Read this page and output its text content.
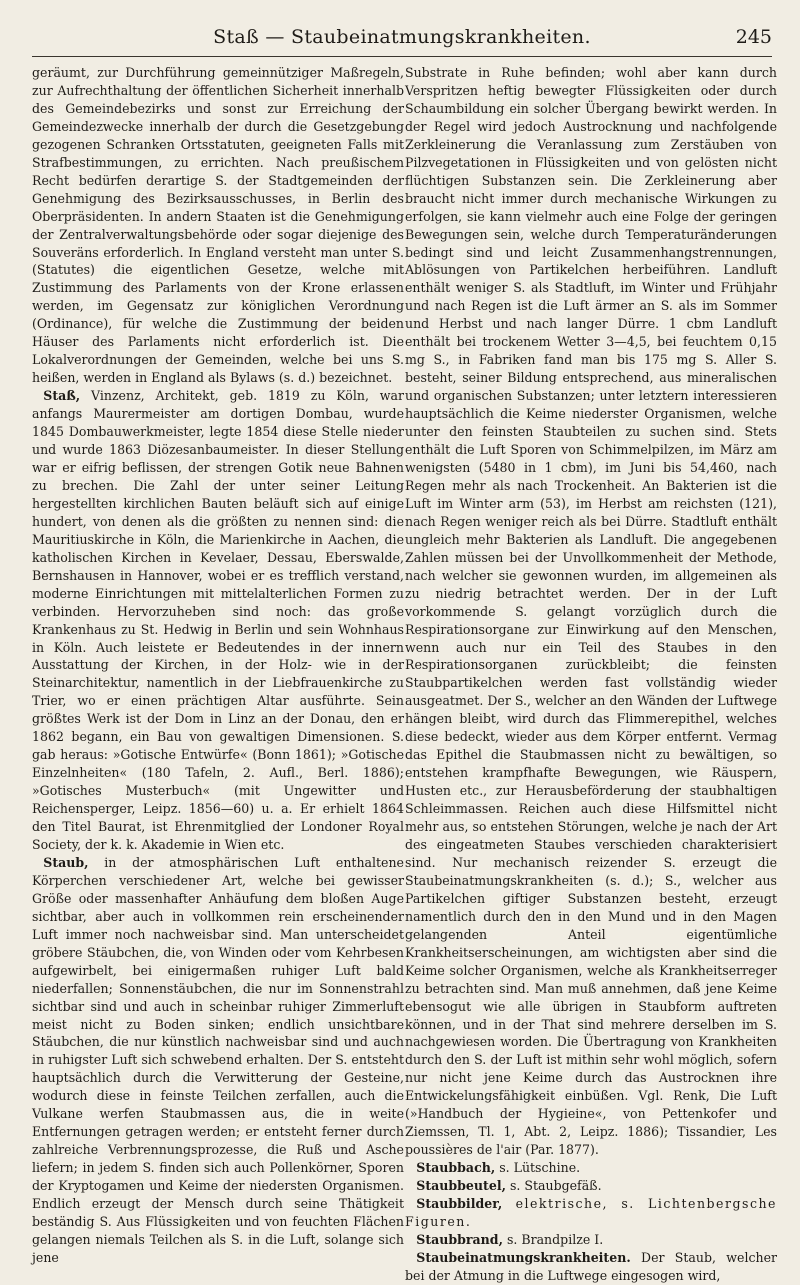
Staß — Staubeinatmungskrankheiten.	245

geräumt, zur Durchführung gemeinnütziger Maßregeln, zur Aufrechthaltung der öffentlichen Sicherheit innerhalb des Gemeindebezirks und sonst zur Erreichung der Gemeindezwecke innerhalb der durch die Gesetzgebung gezogenen Schranken Ortsstatuten, geeigneten Falls mit Strafbestimmungen, zu errichten. Nach preußischem Recht bedürfen derartige S. der Stadtgemeinden der Genehmigung des Bezirksausschusses, in Berlin des Oberpräsidenten. In andern Staaten ist die Genehmigung der Zentralverwaltungsbehörde oder sogar diejenige des Souveräns erforderlich. In England versteht man unter S. (Statutes) die eigentlichen Gesetze, welche mit Zustimmung des Parlaments von der Krone erlassen werden, im Gegensatz zur königlichen Verordnung (Ordinance), für welche die Zustimmung der beiden Häuser des Parlaments nicht erforderlich ist. Die Lokalverordnungen der Gemeinden, welche bei uns S. heißen, werden in England als Bylaws (s. d.) bezeichnet.

Staß, Vinzenz, Architekt, geb. 1819 zu Köln, war anfangs Maurermeister am dortigen Dombau, wurde 1845 Dombauwerkmeister, legte 1854 diese Stelle nieder und wurde 1863 Diözesanbaumeister. In dieser Stellung war er eifrig beflissen, der strengen Gotik neue Bahnen zu brechen. Die Zahl der unter seiner Leitung hergestellten kirchlichen Bauten beläuft sich auf einige hundert, von denen als die größten zu nennen sind: die Mauritiuskirche in Köln, die Marienkirche in Aachen, die katholischen Kirchen in Kevelaer, Dessau, Eberswalde, Bernshausen in Hannover, wobei er es trefflich verstand, moderne Einrichtungen mit mittelalterlichen Formen zu verbinden. Hervorzuheben sind noch: das große Krankenhaus zu St. Hedwig in Berlin und sein Wohnhaus in Köln. Auch leistete er Bedeutendes in der innern Ausstattung der Kirchen, in der Holz- wie in der Steinarchitektur, namentlich in der Liebfrauenkirche zu Trier, wo er einen prächtigen Altar ausführte. Sein größtes Werk ist der Dom in Linz an der Donau, den er 1862 begann, ein Bau von gewaltigen Dimensionen. S. gab heraus: »Gotische Entwürfe« (Bonn 1861); »Gotische Einzelnheiten« (180 Tafeln, 2. Aufl., Berl. 1886); »Gotisches Musterbuch« (mit Ungewitter und Reichensperger, Leipz. 1856—60) u. a. Er erhielt 1864 den Titel Baurat, ist Ehrenmitglied der Londoner Royal Society, der k. k. Akademie in Wien etc.

Staub, in der atmosphärischen Luft enthaltene Körperchen verschiedener Art, welche bei gewisser Größe oder massenhafter Anhäufung dem bloßen Auge sichtbar, aber auch in vollkommen rein erscheinender Luft immer noch nachweisbar sind. Man unterscheidet gröbere Stäubchen, die, von Winden oder vom Kehrbesen aufgewirbelt, bei einigermaßen ruhiger Luft bald niederfallen; Sonnenstäubchen, die nur im Sonnenstrahl sichtbar sind und auch in scheinbar ruhiger Zimmerluft meist nicht zu Boden sinken; endlich unsichtbare Stäubchen, die nur künstlich nachweisbar sind und auch in ruhigster Luft sich schwebend erhalten. Der S. entsteht hauptsächlich durch die Verwitterung der Gesteine, wodurch diese in feinste Teilchen zerfallen, auch die Vulkane werfen Staubmassen aus, die in weite Entfernungen getragen werden; er entsteht ferner durch zahlreiche Verbrennungsprozesse, die Ruß und Asche liefern; in jedem S. finden sich auch Pollenkörner, Sporen der Kryptogamen und Keime der niedersten Organismen. Endlich erzeugt der Mensch durch seine Thätigkeit beständig S. Aus Flüssigkeiten und von feuchten Flächen gelangen niemals Teilchen als S. in die Luft, solange sich jene

Substrate in Ruhe befinden; wohl aber kann durch Verspritzen heftig bewegter Flüssigkeiten oder durch Schaumbildung ein solcher Übergang bewirkt werden. In der Regel wird jedoch Austrocknung und nachfolgende Zerkleinerung die Veranlassung zum Zerstäuben von Pilzvegetationen in Flüssigkeiten und von gelösten nicht flüchtigen Substanzen sein. Die Zerkleinerung aber braucht nicht immer durch mechanische Wirkungen zu erfolgen, sie kann vielmehr auch eine Folge der geringen Bewegungen sein, welche durch Temperaturänderungen bedingt sind und leicht Zusammenhangstrennungen, Ablösungen von Partikelchen herbeiführen. Landluft enthält weniger S. als Stadtluft, im Winter und Frühjahr und nach Regen ist die Luft ärmer an S. als im Sommer und Herbst und nach langer Dürre. 1 cbm Landluft enthält bei trockenem Wetter 3—4,5, bei feuchtem 0,15 mg S., in Fabriken fand man bis 175 mg S. Aller S. besteht, seiner Bildung entsprechend, aus mineralischen und organischen Substanzen; unter letztern interessieren hauptsächlich die Keime niederster Organismen, welche unter den feinsten Staubteilen zu suchen sind. Stets enthält die Luft Sporen von Schimmelpilzen, im März am wenigsten (5480 in 1 cbm), im Juni bis 54,460, nach Regen mehr als nach Trockenheit. An Bakterien ist die Luft im Winter arm (53), im Herbst am reichsten (121), nach Regen weniger reich als bei Dürre. Stadtluft enthält ungleich mehr Bakterien als Landluft. Die angegebenen Zahlen müssen bei der Unvollkommenheit der Methode, nach welcher sie gewonnen wurden, im allgemeinen als zu niedrig betrachtet werden. Der in der Luft vorkommende S. gelangt vorzüglich durch die Respirationsorgane zur Einwirkung auf den Menschen, wenn auch nur ein Teil des Staubes in den Respirationsorganen zurückbleibt; die feinsten Staubpartikelchen werden fast vollständig wieder ausgeatmet. Der S., welcher an den Wänden der Luftwege hängen bleibt, wird durch das Flimmerepithel, welches diese bedeckt, wieder aus dem Körper entfernt. Vermag das Epithel die Staubmassen nicht zu bewältigen, so entstehen krampfhafte Bewegungen, wie Räuspern, Husten etc., zur Herausbeförderung der staubhaltigen Schleimmassen. Reichen auch diese Hilfsmittel nicht mehr aus, so entstehen Störungen, welche je nach der Art des eingeatmeten Staubes verschieden charakterisiert sind. Nur mechanisch reizender S. erzeugt die Staubeinatmungskrankheiten (s. d.); S., welcher aus Partikelchen giftiger Substanzen besteht, erzeugt namentlich durch den in den Mund und in den Magen gelangenden Anteil eigentümliche Krankheitserscheinungen, am wichtigsten aber sind die Keime solcher Organismen, welche als Krankheitserreger zu betrachten sind. Man muß annehmen, daß jene Keime ebensogut wie alle übrigen in Staubform auftreten können, und in der That sind mehrere derselben im S. nachgewiesen worden. Die Übertragung von Krankheiten durch den S. der Luft ist mithin sehr wohl möglich, sofern nur nicht jene Keime durch das Austrocknen ihre Entwickelungsfähigkeit einbüßen. Vgl. Renk, Die Luft (»Handbuch der Hygieine«, von Pettenkofer und Ziemssen, Tl. 1, Abt. 2, Leipz. 1886); Tissandier, Les poussières de l'air (Par. 1877).

Staubbach, s. Lütschine.

Staubbeutel, s. Staubgefäß.

Staubbilder, elektrische, s. Lichtenbergsche Figuren.

Staubbrand, s. Brandpilze I.

Staubeinatmungskrankheiten. Der Staub, welcher bei der Atmung in die Luftwege eingesogen wird,
